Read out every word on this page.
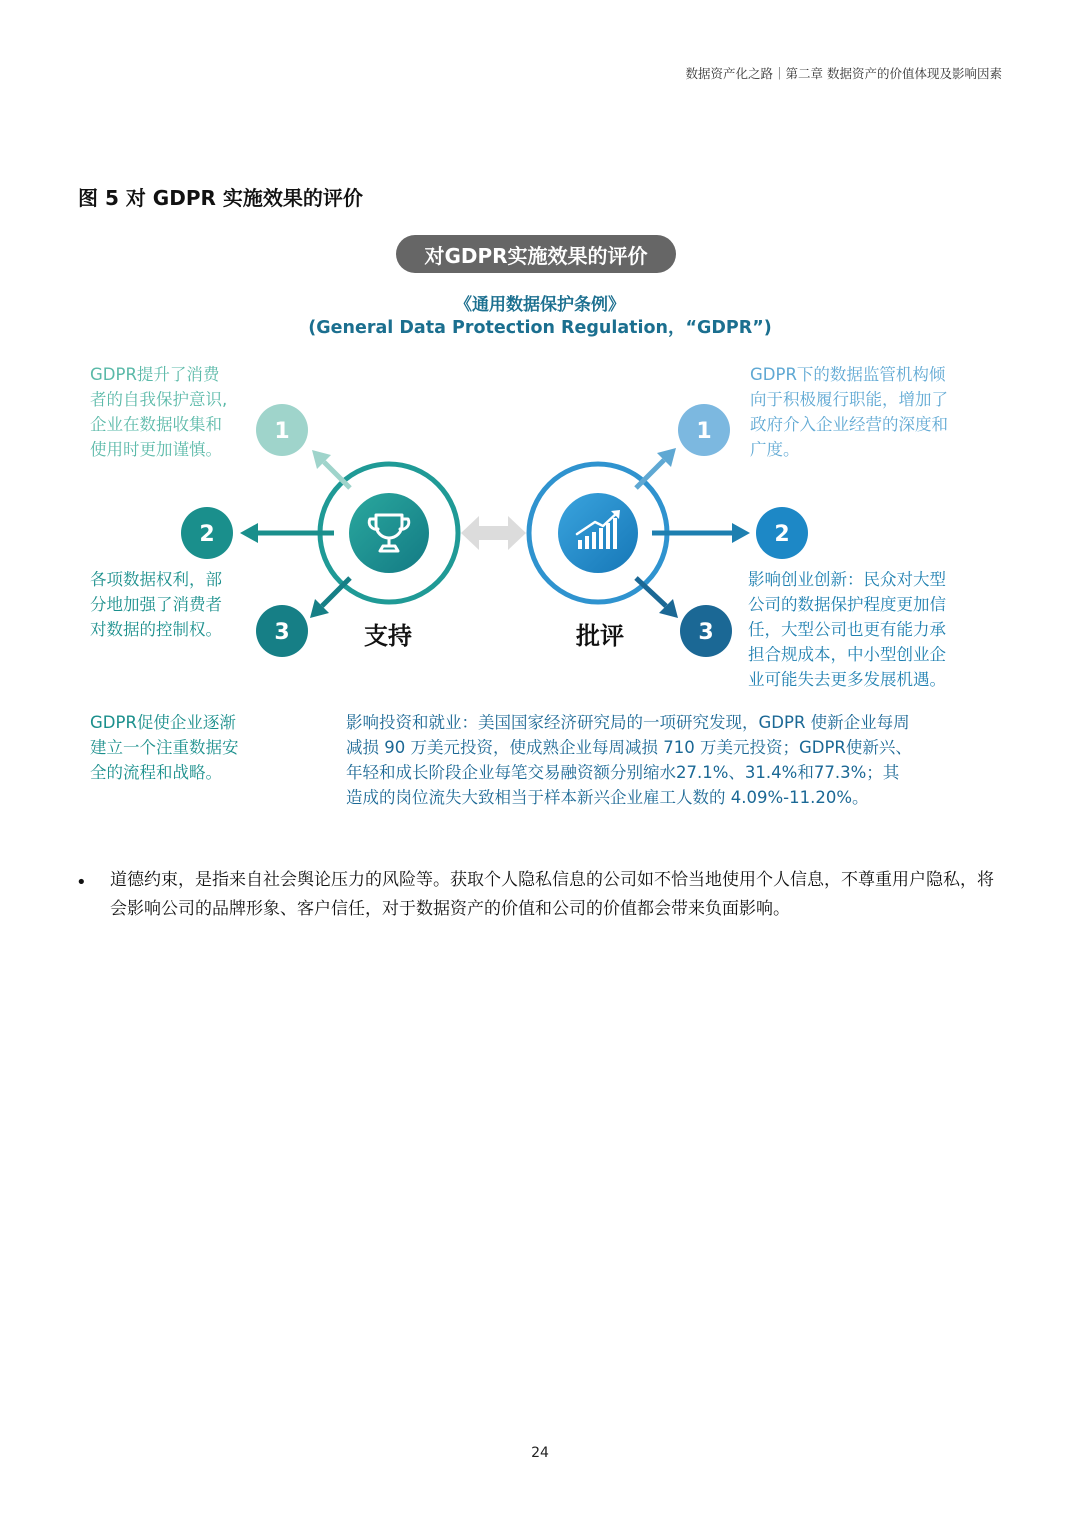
数据资产化之路｜第二章 数据资产的价值体现及影响因素
图 5 对 GDPR 实施效果的评价
对GDPR实施效果的评价
《通用数据保护条例》
(General Data Protection Regulation，“GDPR”)
1
2
3
1
2
3
GDPR提升了消费
者的自我保护意识,
企业在数据收集和
使用时更加谨慎。
各项数据权利，部
分地加强了消费者
对数据的控制权。
GDPR促使企业逐渐
建立一个注重数据安
全的流程和战略。
GDPR下的数据监管机构倾
向于积极履行职能，增加了
政府介入企业经营的深度和
广度。
影响创业创新：民众对大型
公司的数据保护程度更加信
任，大型公司也更有能力承
担合规成本，中小型创业企
业可能失去更多发展机遇。
影响投资和就业：美国国家经济研究局的一项研究发现，GDPR 使新企业每周
减损 90 万美元投资，使成熟企业每周减损 710 万美元投资；GDPR使新兴、
年轻和成长阶段企业每笔交易融资额分别缩水27.1%、31.4%和77.3%；其
造成的岗位流失大致相当于样本新兴企业雇工人数的 4.09%-11.20%。
支持	批评
• 道德约束，是指来自社会舆论压力的风险等。获取个人隐私信息的公司如不恰当地使用个人信息，不尊重用户隐私，将会影响公司的品牌形象、客户信任，对于数据资产的价值和公司的价值都会带来负面影响。
24
